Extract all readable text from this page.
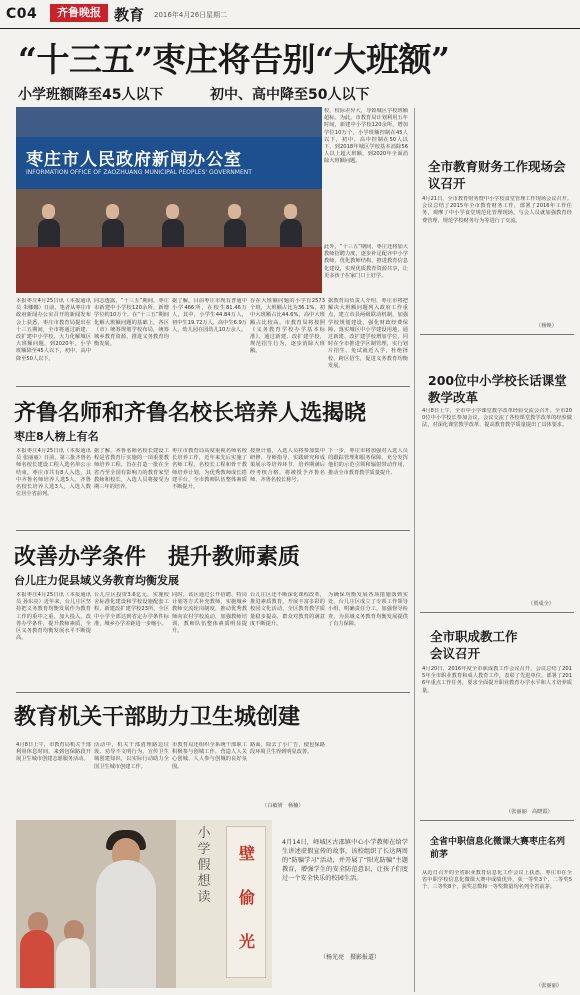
C04	齐鲁晚报 教育 2016年4月26日 星期二
“十三五”枣庄将告别“大班额”
小学班额降至45人以下	初中、高中降至50人以下
枣庄市人民政府新闻办公室
INFORMATION OFFICE OF ZAOZHUANG MUNICIPAL PEOPLES' GOVERNMENT
校，校际差异大，导致城区学校班额超标。为此，市教育局计划利用五年时间，新建中小学校120余所，增加学位10万个，小学班额控制在45人以下，初中、高中控制在50人以下，到2018年城区学校基本消除56人以上超大班额，到2020年全面消除大班额问题。
本报枣庄4月25日讯（本报通讯员 朱娜娜）日前，笔者从枣庄市政府新闻办公室召开的新闻发布会上获悉，枣庄市教育局提出在十三五期间，全市将通过新建、改扩建中小学校，大力化解城区大班额问题，到2020年，小学班额降至45人以下，初中、高中降至50人以下。
同志透露，“十三五”期间，枣庄市新建中小学校120余所，新增学位约10万个。在“十三五”期间化解大班额问题的基础上，各区（市）统筹规划学校布局，统筹城乡教育资源，推进义务教育均衡发展。
据了解，目前枣庄市现有普通中小学466所，在校生81.46万人，其中，小学生44.84万人，初中生19.72万人，高中生6.9万人，幼儿园在园幼儿10万余人。
存在大班额问题的小学有2573个班，大班额占比为36.1%，初中大班额占比44.6%，高中大班额占比较高。市教育局将按照《义务教育学校办学基本标准》，通过新建、改扩建学校，规范招生行为，逐步消除大班额。
据教育局负责人介绍，枣庄市将把解决大班额问题列入政府工作重点，建立市县两级联动机制，加强学校规划建设，强化财政经费保障，落实城区中小学建设用地，通过新建、改扩建学校增加学位，同时在全市推进学区制管理，实行划片招生、免试就近入学，杜绝择校、跨区招生，促进义务教育均衡发展。
此外，“十三五”期间，枣庄还将加大教师招聘力度，逐步补足配齐中小学教师，优化教师结构，推进教育信息化建设，实现优质教育资源共享，让更多孩子在家门口上好学。
齐鲁名师和齐鲁名校长培养人选揭晓
枣庄8人榜上有名
本报枣庄4月25日讯（本报通讯员 张丽丽）日前，第三批齐鲁名师名校长建设工程人选名单公示结束，枣庄市共有8人入选，其中齐鲁名师培养人选5人，齐鲁名校长培养人选3人，入选人数位居全省前列。
据了解，齐鲁名师名校长建设工程是省教育厅实施的一项重要教师培养工程，旨在打造一批在全省乃至全国有影响力的教育家型教师和校长，入选人员将接受为期三年的培养。
枣庄市教育局高度重视名师名校长培养工作，近年来先后实施了名师工程、名校长工程和骨干教师培养计划，为优秀教师成长搭建平台，全市教师队伍整体素质不断提升。
按照计划，入选人员将参加集中研修、导师指导、实践研究和成果展示等培养环节，培养期满后经考核合格，将被授予齐鲁名师、齐鲁名校长称号。
下一步，枣庄市将加强对入选人员的跟踪管理和服务保障，充分发挥他们的示范引领和辐射带动作用，推动全市教育教学质量提升。
改善办学条件　提升教师素质
台儿庄力促县域义务教育均衡发展
本报枣庄4月25日讯（本报通讯员 孙东亮）近年来，台儿庄区坚持把义务教育均衡发展作为教育工作的重中之重，加大投入，改善办学条件，提升教师素质，全区义务教育均衡发展水平不断提高。
台儿庄区投资3.6亿元，实施校舍标准化建设和学校设施配套工程，新建改扩建学校23所，全区中小学全部达到省定办学条件标准，城乡办学差距进一步缩小。
同时，该区通过公开招聘、特岗计划等方式补充教师，实施城乡教师交流轮岗制度，推动优秀教师向农村学校流动，加强教师培训，教师队伍整体素质明显提升。
台儿庄区还不断深化课程改革，推进素质教育，开展丰富多彩的校园文化活动，全区教育教学质量稳步提高，群众对教育的满意度不断提升。
为确保均衡发展各项措施落到实处，台儿庄区成立了专项工作领导小组，明确责任分工，加强督导检查，为县域义务教育均衡发展提供了有力保障。
教育机关干部助力卫生城创建
4月8日上午，市教育局机关干部利用休息时间，来到包保路段开展卫生城市创建志愿服务活动。
活动中，机关干部清理路边垃圾、劝导不文明行为、宣传卫生城创建知识，以实际行动助力全国卫生城市创建工作。
市教育局还组织全系统干部职工积极参与创城工作，营造人人关心创城、人人参与创城的良好氛围。
路面，除去了小广告，使包保路段环境卫生得到明显改善。
（白敏妍　杨楠）
小
学
假
想
读
壁
偷
光
4月14日，峄城区古邵镇中心小学教师在给学生讲述虚假宣传的故事，该校组织了长达两周的“防骗学习”活动，并开展了“阳光防骗”主题教育，增强学生的安全防范意识，让孩子们度过一个安全快乐的校园生活。
（杨光亮　摄影报道）
全市教育财务工作现场会议召开
4月21日，全市教育财务暨中小学校食堂管理工作现场会议召开。会议总结了2015年全市教育财务工作，部署了2016年工作任务，观摩了中小学食堂规范化管理现场，与会人员就加强教育经费管理、规范学校财务行为等进行了交流。
（杨焕）
200位中小学校长话课堂教学改革
4月8日上午，全市中小学课堂教学改革经验交流会召开，全市200位中小学校长参加会议。会议交流了各校课堂教学改革的经验做法，对深化课堂教学改革、提高教育教学质量提出了具体要求。
（贾成全）
全市职成教工作会议召开
4月20日，2016年度全市职成教工作会议召开，会议总结了2015年全市职业教育和成人教育工作，表彰了先进单位，部署了2016年重点工作任务，要求全面提升职业教育办学水平和人才培养质量。
（张丽丽　高晓霞）
全省中职信息化微课大赛枣庄名列前茅
从近日召开的全省职业教育信息化工作会议上获悉，枣庄市在全省中职学校信息化微课大赛中成绩优异，获一等奖3个、二等奖5个、三等奖8个，获奖总数和一等奖数量均名列全省前茅。
（张丽丽）
